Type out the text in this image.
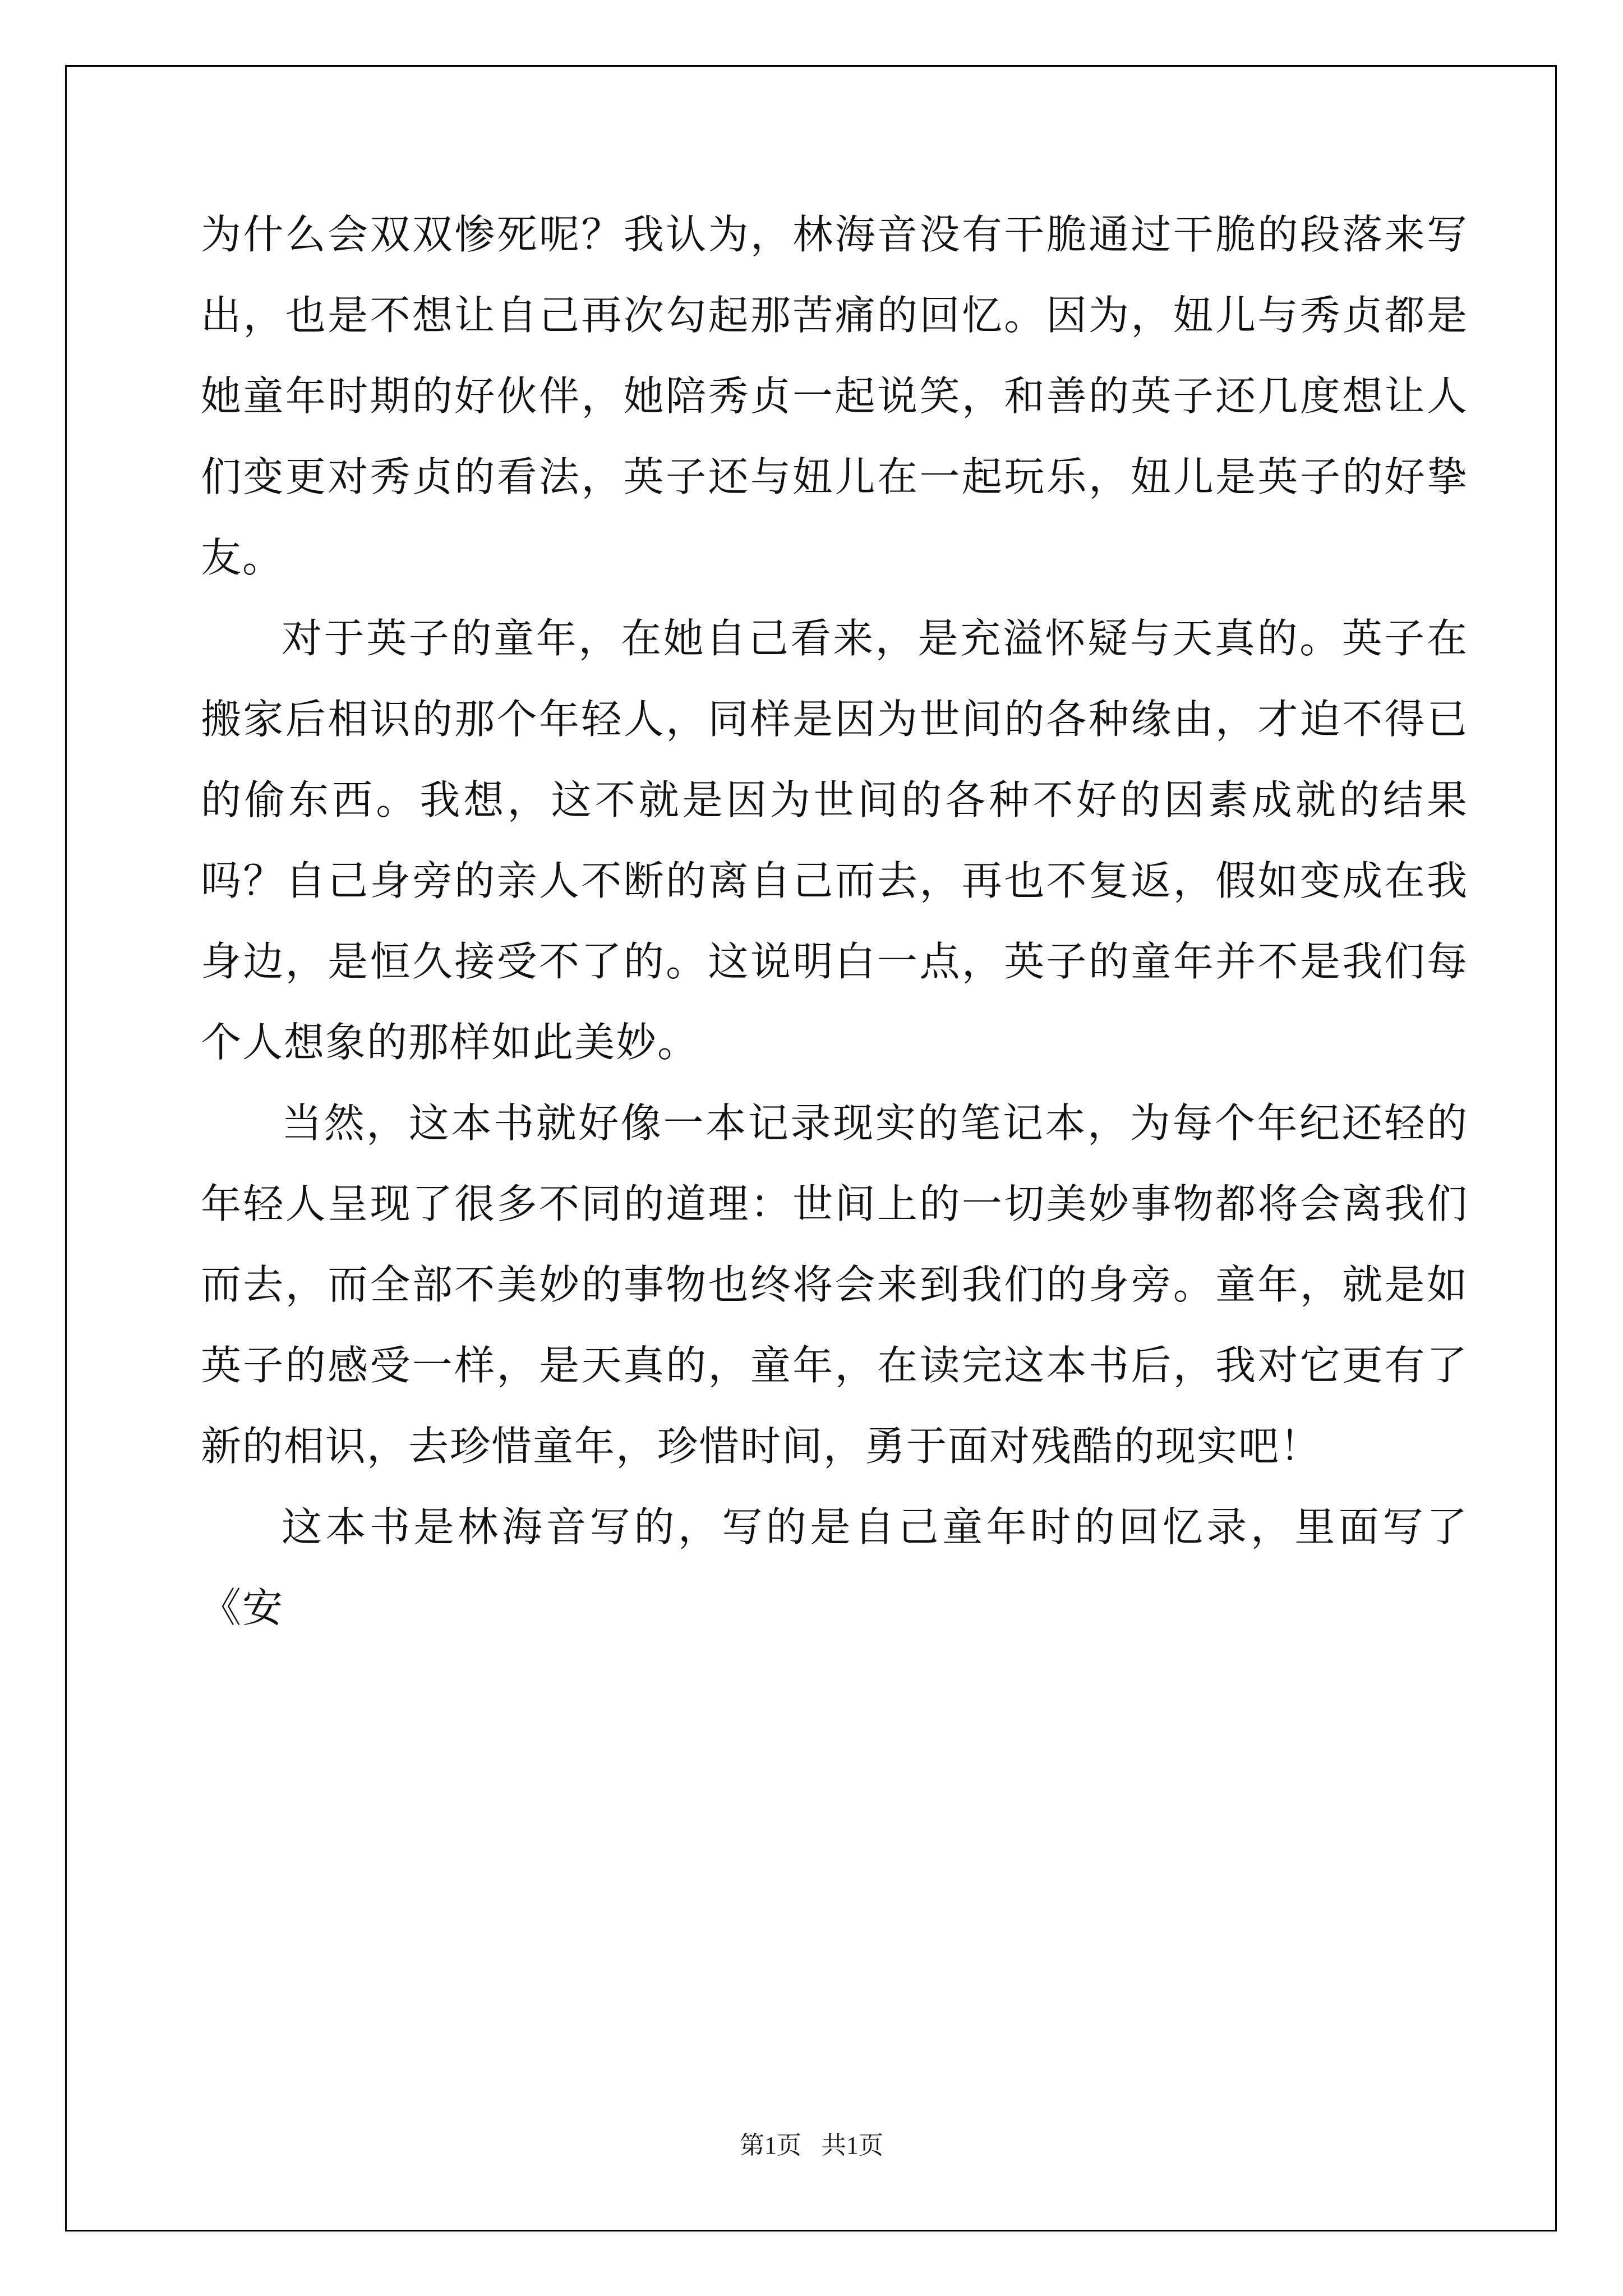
为什么会双双惨死呢？我认为，林海音没有干脆通过干脆的段落来写出，也是不想让自己再次勾起那苦痛的回忆。因为，妞儿与秀贞都是她童年时期的好伙伴，她陪秀贞一起说笑，和善的英子还几度想让人们变更对秀贞的看法，英子还与妞儿在一起玩乐，妞儿是英子的好挚友。

对于英子的童年，在她自己看来，是充溢怀疑与天真的。英子在搬家后相识的那个年轻人，同样是因为世间的各种缘由，才迫不得已的偷东西。我想，这不就是因为世间的各种不好的因素成就的结果吗？自己身旁的亲人不断的离自己而去，再也不复返，假如变成在我身边，是恒久接受不了的。这说明白一点，英子的童年并不是我们每个人想象的那样如此美妙。

当然，这本书就好像一本记录现实的笔记本，为每个年纪还轻的年轻人呈现了很多不同的道理：世间上的一切美妙事物都将会离我们而去，而全部不美妙的事物也终将会来到我们的身旁。童年，就是如英子的感受一样，是天真的，童年，在读完这本书后，我对它更有了新的相识，去珍惜童年，珍惜时间，勇于面对残酷的现实吧！

这本书是林海音写的，写的是自己童年时的回忆录，里面写了《安

第1页 共1页
